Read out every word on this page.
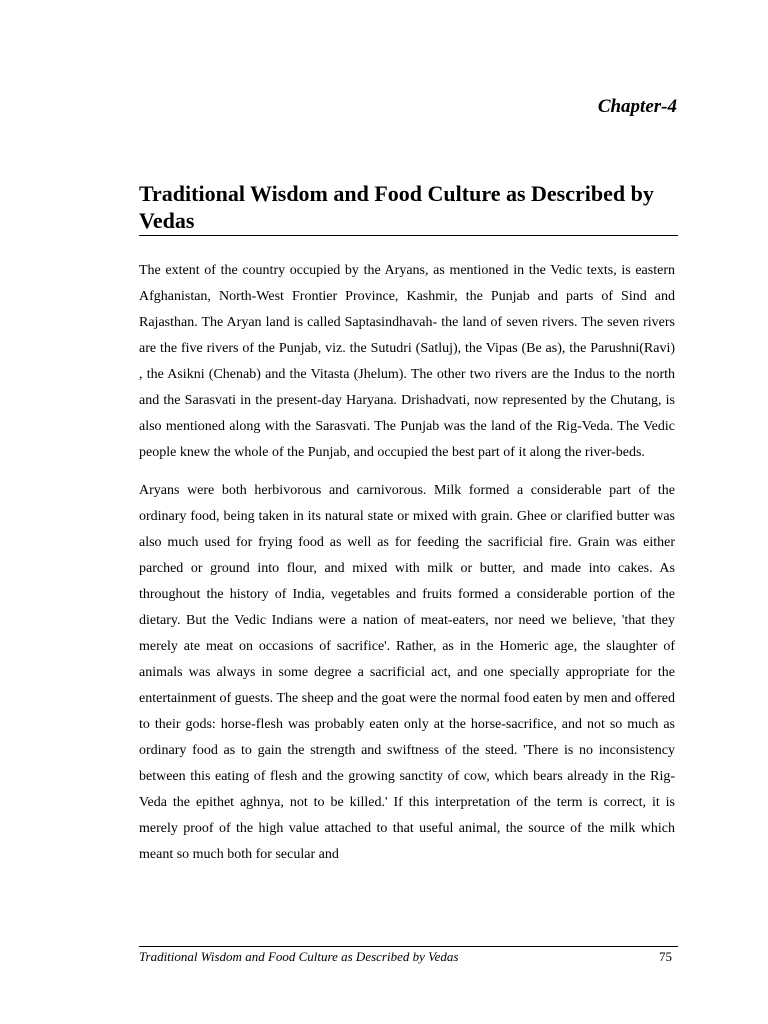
Chapter-4

Traditional Wisdom and Food Culture as Described by Vedas

The extent of the country occupied by the Aryans, as mentioned in the Vedic texts, is eastern Afghanistan, North-West Frontier Province, Kashmir, the Punjab and parts of Sind and Rajasthan. The Aryan land is called Saptasindhavah- the land of seven rivers. The seven rivers are the five rivers of the Punjab, viz. the Sutudri (Satluj), the Vipas (Be as), the Parushni(Ravi) , the Asikni (Chenab) and the Vitasta (Jhelum). The other two rivers are the Indus to the north and the Sarasvati in the present-day Haryana. Drishadvati, now represented by the Chutang, is also mentioned along with the Sarasvati. The Punjab was the land of the Rig-Veda. The Vedic people knew the whole of the Punjab, and occupied the best part of it along the river-beds.

Aryans were both herbivorous and carnivorous. Milk formed a considerable part of the ordinary food, being taken in its natural state or mixed with grain. Ghee or clarified butter was also much used for frying food as well as for feeding the sacrificial fire. Grain was either parched or ground into flour, and mixed with milk or butter, and made into cakes. As throughout the history of India, vegetables and fruits formed a considerable portion of the dietary. But the Vedic Indians were a nation of meat-eaters, nor need we believe, 'that they merely ate meat on occasions of sacrifice'. Rather, as in the Homeric age, the slaughter of animals was always in some degree a sacrificial act, and one specially appropriate for the entertainment of guests. The sheep and the goat were the normal food eaten by men and offered to their gods: horse-flesh was probably eaten only at the horse-sacrifice, and not so much as ordinary food as to gain the strength and swiftness of the steed. 'There is no inconsistency between this eating of flesh and the growing sanctity of cow, which bears already in the Rig-Veda the epithet aghnya, not to be killed.' If this interpretation of the term is correct, it is merely proof of the high value attached to that useful animal, the source of the milk which meant so much both for secular and

Traditional Wisdom and Food Culture as Described by Vedas	75
